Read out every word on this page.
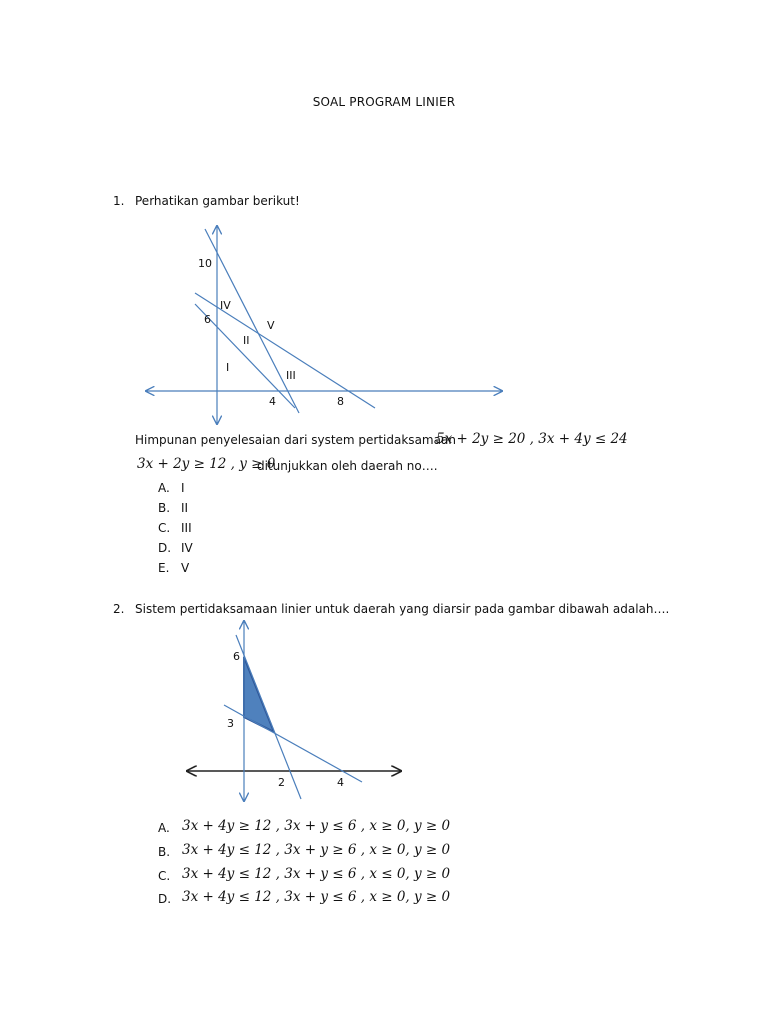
SOAL PROGRAM LINIER
1. Perhatikan gambar berikut!
10
6
4	8
I
II
III
IV
V
Himpunan penyelesaian dari system pertidaksamaan
5x + 2y ≥ 20 , 3x + 4y ≤ 24
3x + 2y ≥ 12 , y ≥ 0
ditunjukkan oleh daerah no….
A. I
B. II
C. III
D. IV
E. V
2. Sistem pertidaksamaan linier untuk daerah yang diarsir pada gambar dibawah adalah….
6
3
2	4
A. 3x + 4y ≥ 12 , 3x + y ≤ 6 , x ≥ 0, y ≥ 0
B. 3x + 4y ≤ 12 , 3x + y ≥ 6 , x ≥ 0, y ≥ 0
C. 3x + 4y ≤ 12 , 3x + y ≤ 6 , x ≤ 0, y ≥ 0
D. 3x + 4y ≤ 12 , 3x + y ≤ 6 , x ≥ 0, y ≥ 0
